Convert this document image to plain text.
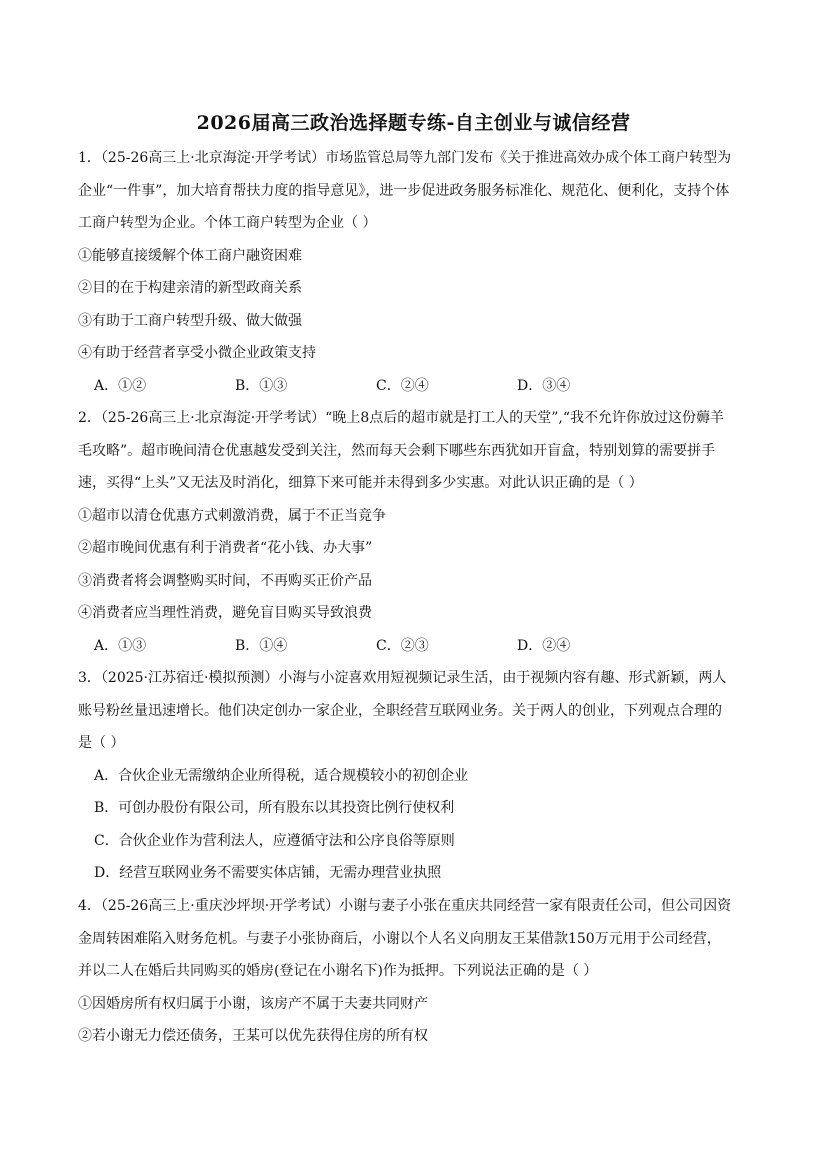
2026届高三政治选择题专练-自主创业与诚信经营
1．（25-26高三上·北京海淀·开学考试）市场监管总局等九部门发布《关于推进高效办成个体工商户转型为
企业“一件事”，加大培育帮扶力度的指导意见》，进一步促进政务服务标准化、规范化、便利化，支持个体
工商户转型为企业。个体工商户转型为企业（ ）
①能够直接缓解个体工商户融资困难
②目的在于构建亲清的新型政商关系
③有助于工商户转型升级、做大做强
④有助于经营者享受小微企业政策支持
A．①②	B．①③	C．②④	D．③④
2．（25-26高三上·北京海淀·开学考试）“晚上8点后的超市就是打工人的天堂”,“我不允许你放过这份薅羊
毛攻略”。超市晚间清仓优惠越发受到关注，然而每天会剩下哪些东西犹如开盲盒，特别划算的需要拼手
速，买得“上头”又无法及时消化，细算下来可能并未得到多少实惠。对此认识正确的是（ ）
①超市以清仓优惠方式刺激消费，属于不正当竞争
②超市晚间优惠有利于消费者“花小钱、办大事”
③消费者将会调整购买时间，不再购买正价产品
④消费者应当理性消费，避免盲目购买导致浪费
A．①③	B．①④	C．②③	D．②④
3．（2025·江苏宿迁·模拟预测）小海与小淀喜欢用短视频记录生活，由于视频内容有趣、形式新颖，两人
账号粉丝量迅速增长。他们决定创办一家企业，全职经营互联网业务。关于两人的创业，下列观点合理的
是（ ）
A．合伙企业无需缴纳企业所得税，适合规模较小的初创企业
B．可创办股份有限公司，所有股东以其投资比例行使权利
C．合伙企业作为营利法人，应遵循守法和公序良俗等原则
D．经营互联网业务不需要实体店铺，无需办理营业执照
4．（25-26高三上·重庆沙坪坝·开学考试）小谢与妻子小张在重庆共同经营一家有限责任公司，但公司因资
金周转困难陷入财务危机。与妻子小张协商后，小谢以个人名义向朋友王某借款150万元用于公司经营，
并以二人在婚后共同购买的婚房(登记在小谢名下)作为抵押。下列说法正确的是（ ）
①因婚房所有权归属于小谢，该房产不属于夫妻共同财产
②若小谢无力偿还债务，王某可以优先获得住房的所有权
